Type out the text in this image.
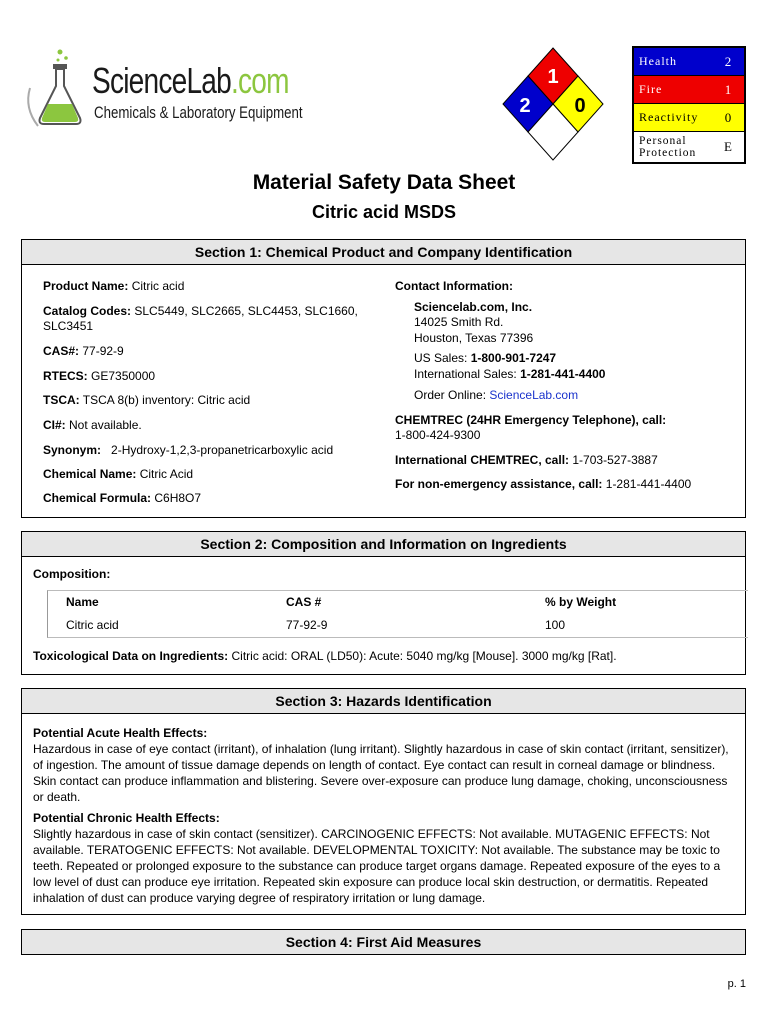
ScienceLab.com
Chemicals & Laboratory Equipment
1
2 0
Health	2
Fire	1
Reactivity	0
Personal
Protection	E
Material Safety Data Sheet
Citric acid MSDS
Section 1: Chemical Product and Company Identification
Product Name: Citric acid
Catalog Codes: SLC5449, SLC2665, SLC4453, SLC1660,
SLC3451
CAS#: 77-92-9
RTECS: GE7350000
TSCA: TSCA 8(b) inventory: Citric acid
CI#: Not available.
Synonym: 2-Hydroxy-1,2,3-propanetricarboxylic acid
Chemical Name: Citric Acid
Chemical Formula: C6H8O7
Contact Information:
Sciencelab.com, Inc.
14025 Smith Rd.
Houston, Texas 77396
US Sales: 1-800-901-7247
International Sales: 1-281-441-4400
Order Online: ScienceLab.com
CHEMTREC (24HR Emergency Telephone), call:
1-800-424-9300
International CHEMTREC, call: 1-703-527-3887
For non-emergency assistance, call: 1-281-441-4400
Section 2: Composition and Information on Ingredients
Composition:
Name	CAS #	% by Weight
Citric acid	77-92-9	100
Toxicological Data on Ingredients: Citric acid: ORAL (LD50): Acute: 5040 mg/kg [Mouse]. 3000 mg/kg [Rat].
Section 3: Hazards Identification
Potential Acute Health Effects:
Hazardous in case of eye contact (irritant), of inhalation (lung irritant). Slightly hazardous in case of skin contact (irritant, sensitizer), of ingestion. The amount of tissue damage depends on length of contact. Eye contact can result in corneal damage or blindness. Skin contact can produce inflammation and blistering. Severe over-exposure can produce lung damage, choking, unconsciousness or death.
Potential Chronic Health Effects:
Slightly hazardous in case of skin contact (sensitizer). CARCINOGENIC EFFECTS: Not available. MUTAGENIC EFFECTS: Not available. TERATOGENIC EFFECTS: Not available. DEVELOPMENTAL TOXICITY: Not available. The substance may be toxic to teeth. Repeated or prolonged exposure to the substance can produce target organs damage. Repeated exposure of the eyes to a low level of dust can produce eye irritation. Repeated skin exposure can produce local skin destruction, or dermatitis. Repeated inhalation of dust can produce varying degree of respiratory irritation or lung damage.
Section 4: First Aid Measures
p. 1
